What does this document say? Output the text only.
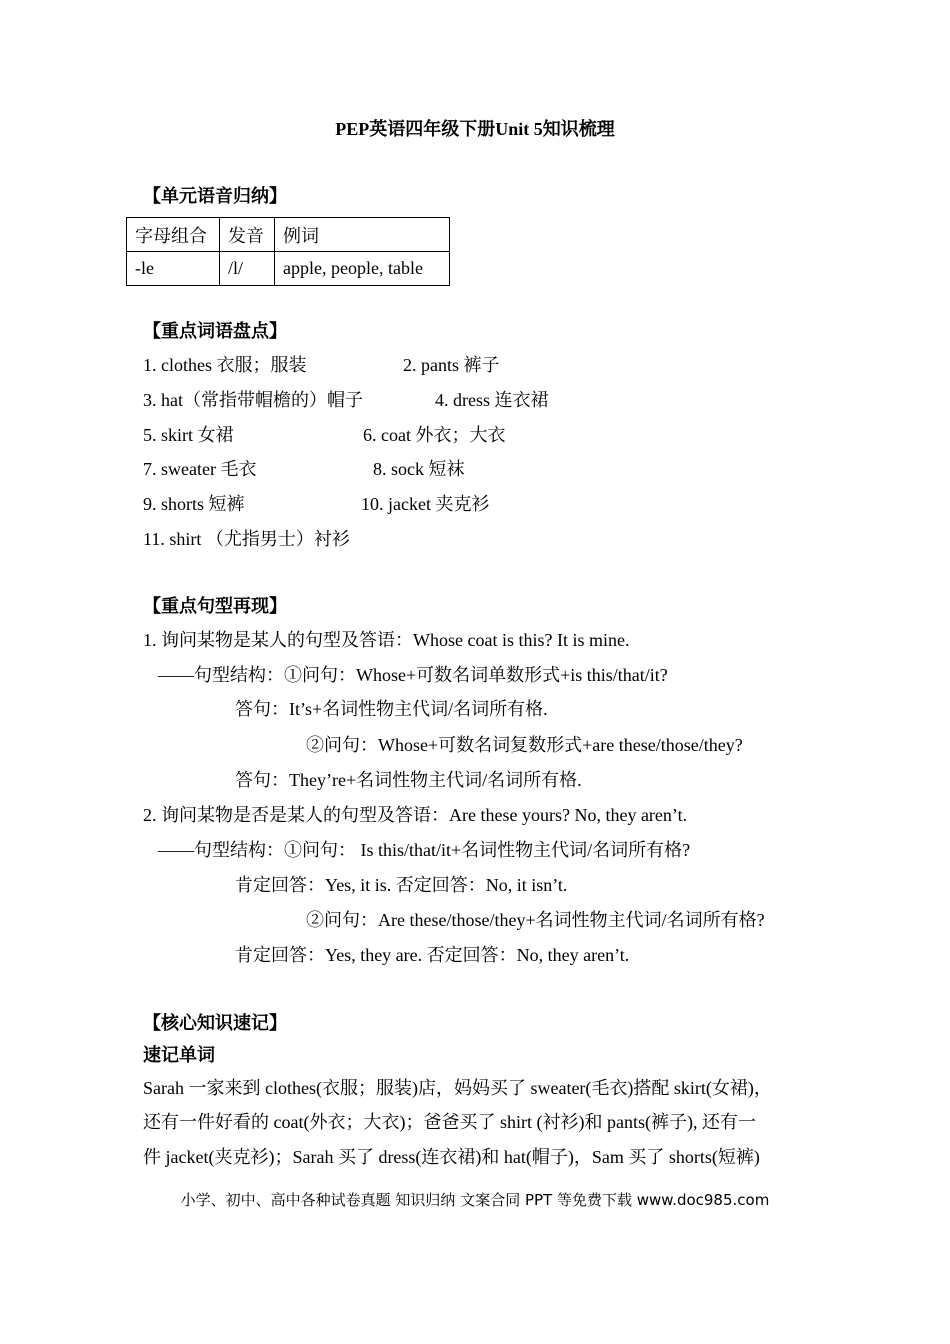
PEP英语四年级下册Unit 5知识梳理
【单元语音归纳】
字母组合	发音	例词
-le	/l/	apple, people, table
【重点词语盘点】
1. clothes 衣服；服装	2. pants 裤子
3. hat（常指带帽檐的）帽子	4. dress 连衣裙
5. skirt 女裙	6. coat 外衣；大衣
7. sweater 毛衣	8. sock 短袜
9. shorts 短裤	10. jacket 夹克衫
11. shirt （尤指男士）衬衫
【重点句型再现】
1. 询问某物是某人的句型及答语：Whose coat is this? It is mine.
——句型结构：①问句：Whose+可数名词单数形式+is this/that/it?
答句：It’s+名词性物主代词/名词所有格.
②问句：Whose+可数名词复数形式+are these/those/they?
答句：They’re+名词性物主代词/名词所有格.
2. 询问某物是否是某人的句型及答语：Are these yours? No, they aren’t.
——句型结构：①问句： Is this/that/it+名词性物主代词/名词所有格?
肯定回答：Yes, it is. 否定回答：No, it isn’t.
②问句：Are these/those/they+名词性物主代词/名词所有格?
肯定回答：Yes, they are. 否定回答：No, they aren’t.
【核心知识速记】
速记单词
Sarah 一家来到 clothes(衣服；服装)店，妈妈买了 sweater(毛衣)搭配 skirt(女裙)，
还有一件好看的 coat(外衣；大衣)；爸爸买了 shirt (衬衫)和 pants(裤子), 还有一
件 jacket(夹克衫)；Sarah 买了 dress(连衣裙)和 hat(帽子)，Sam 买了 shorts(短裤)
小学、初中、高中各种试卷真题 知识归纳 文案合同 PPT 等免费下载 www.doc985.com
